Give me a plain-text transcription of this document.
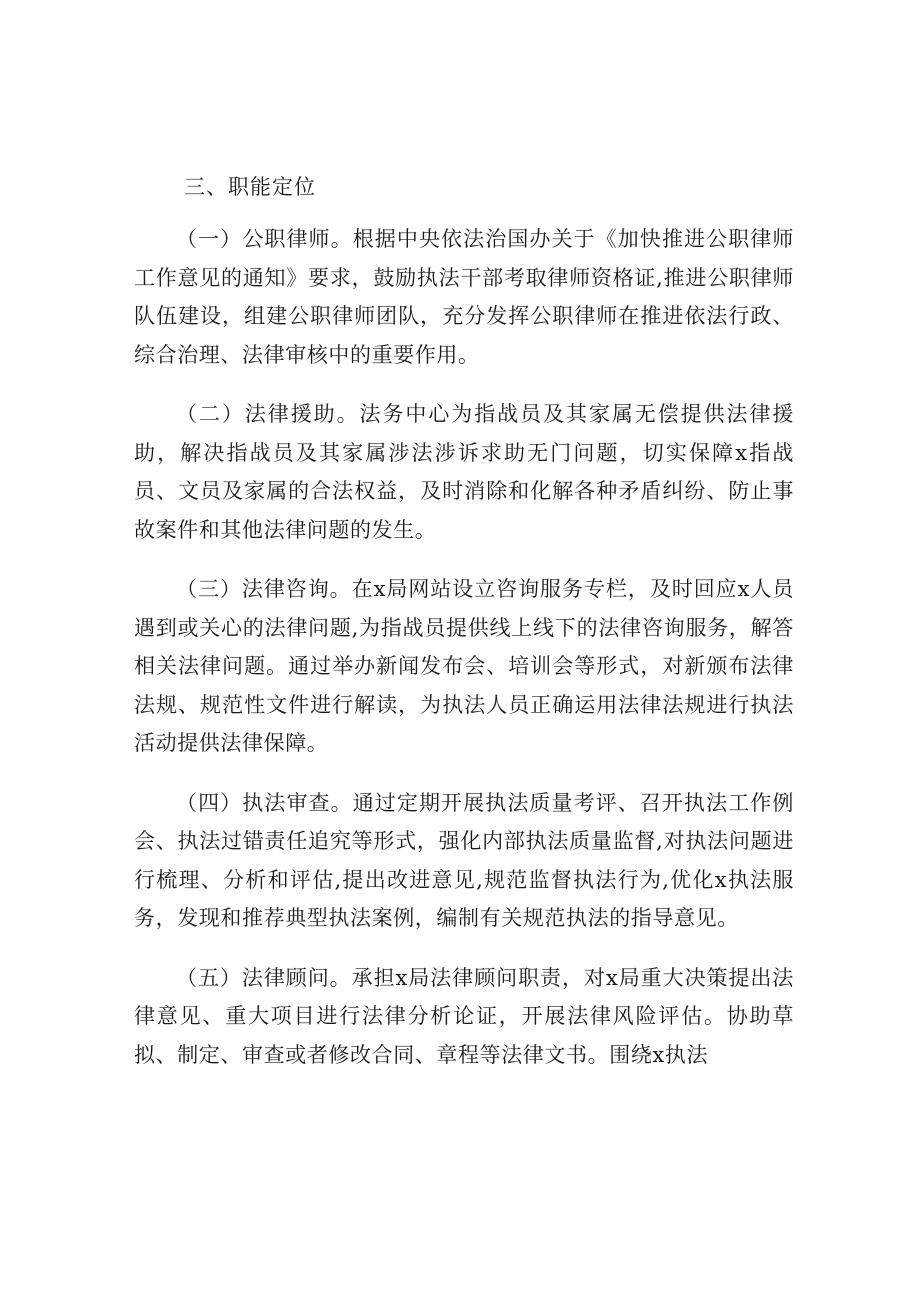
三、职能定位

（一）公职律师。根据中央依法治国办关于《加快推进公职律师工作意见的通知》要求，鼓励执法干部考取律师资格证,推进公职律师队伍建设，组建公职律师团队，充分发挥公职律师在推进依法行政、综合治理、法律审核中的重要作用。

（二）法律援助。法务中心为指战员及其家属无偿提供法律援助，解决指战员及其家属涉法涉诉求助无门问题，切实保障x指战员、文员及家属的合法权益，及时消除和化解各种矛盾纠纷、防止事故案件和其他法律问题的发生。

（三）法律咨询。在x局网站设立咨询服务专栏，及时回应x人员遇到或关心的法律问题,为指战员提供线上线下的法律咨询服务，解答相关法律问题。通过举办新闻发布会、培训会等形式，对新颁布法律法规、规范性文件进行解读，为执法人员正确运用法律法规进行执法活动提供法律保障。

（四）执法审查。通过定期开展执法质量考评、召开执法工作例会、执法过错责任追究等形式，强化内部执法质量监督,对执法问题进行梳理、分析和评估,提出改进意见,规范监督执法行为,优化x执法服务，发现和推荐典型执法案例，编制有关规范执法的指导意见。

（五）法律顾问。承担x局法律顾问职责，对x局重大决策提出法律意见、重大项目进行法律分析论证，开展法律风险评估。协助草拟、制定、审查或者修改合同、章程等法律文书。围绕x执法
